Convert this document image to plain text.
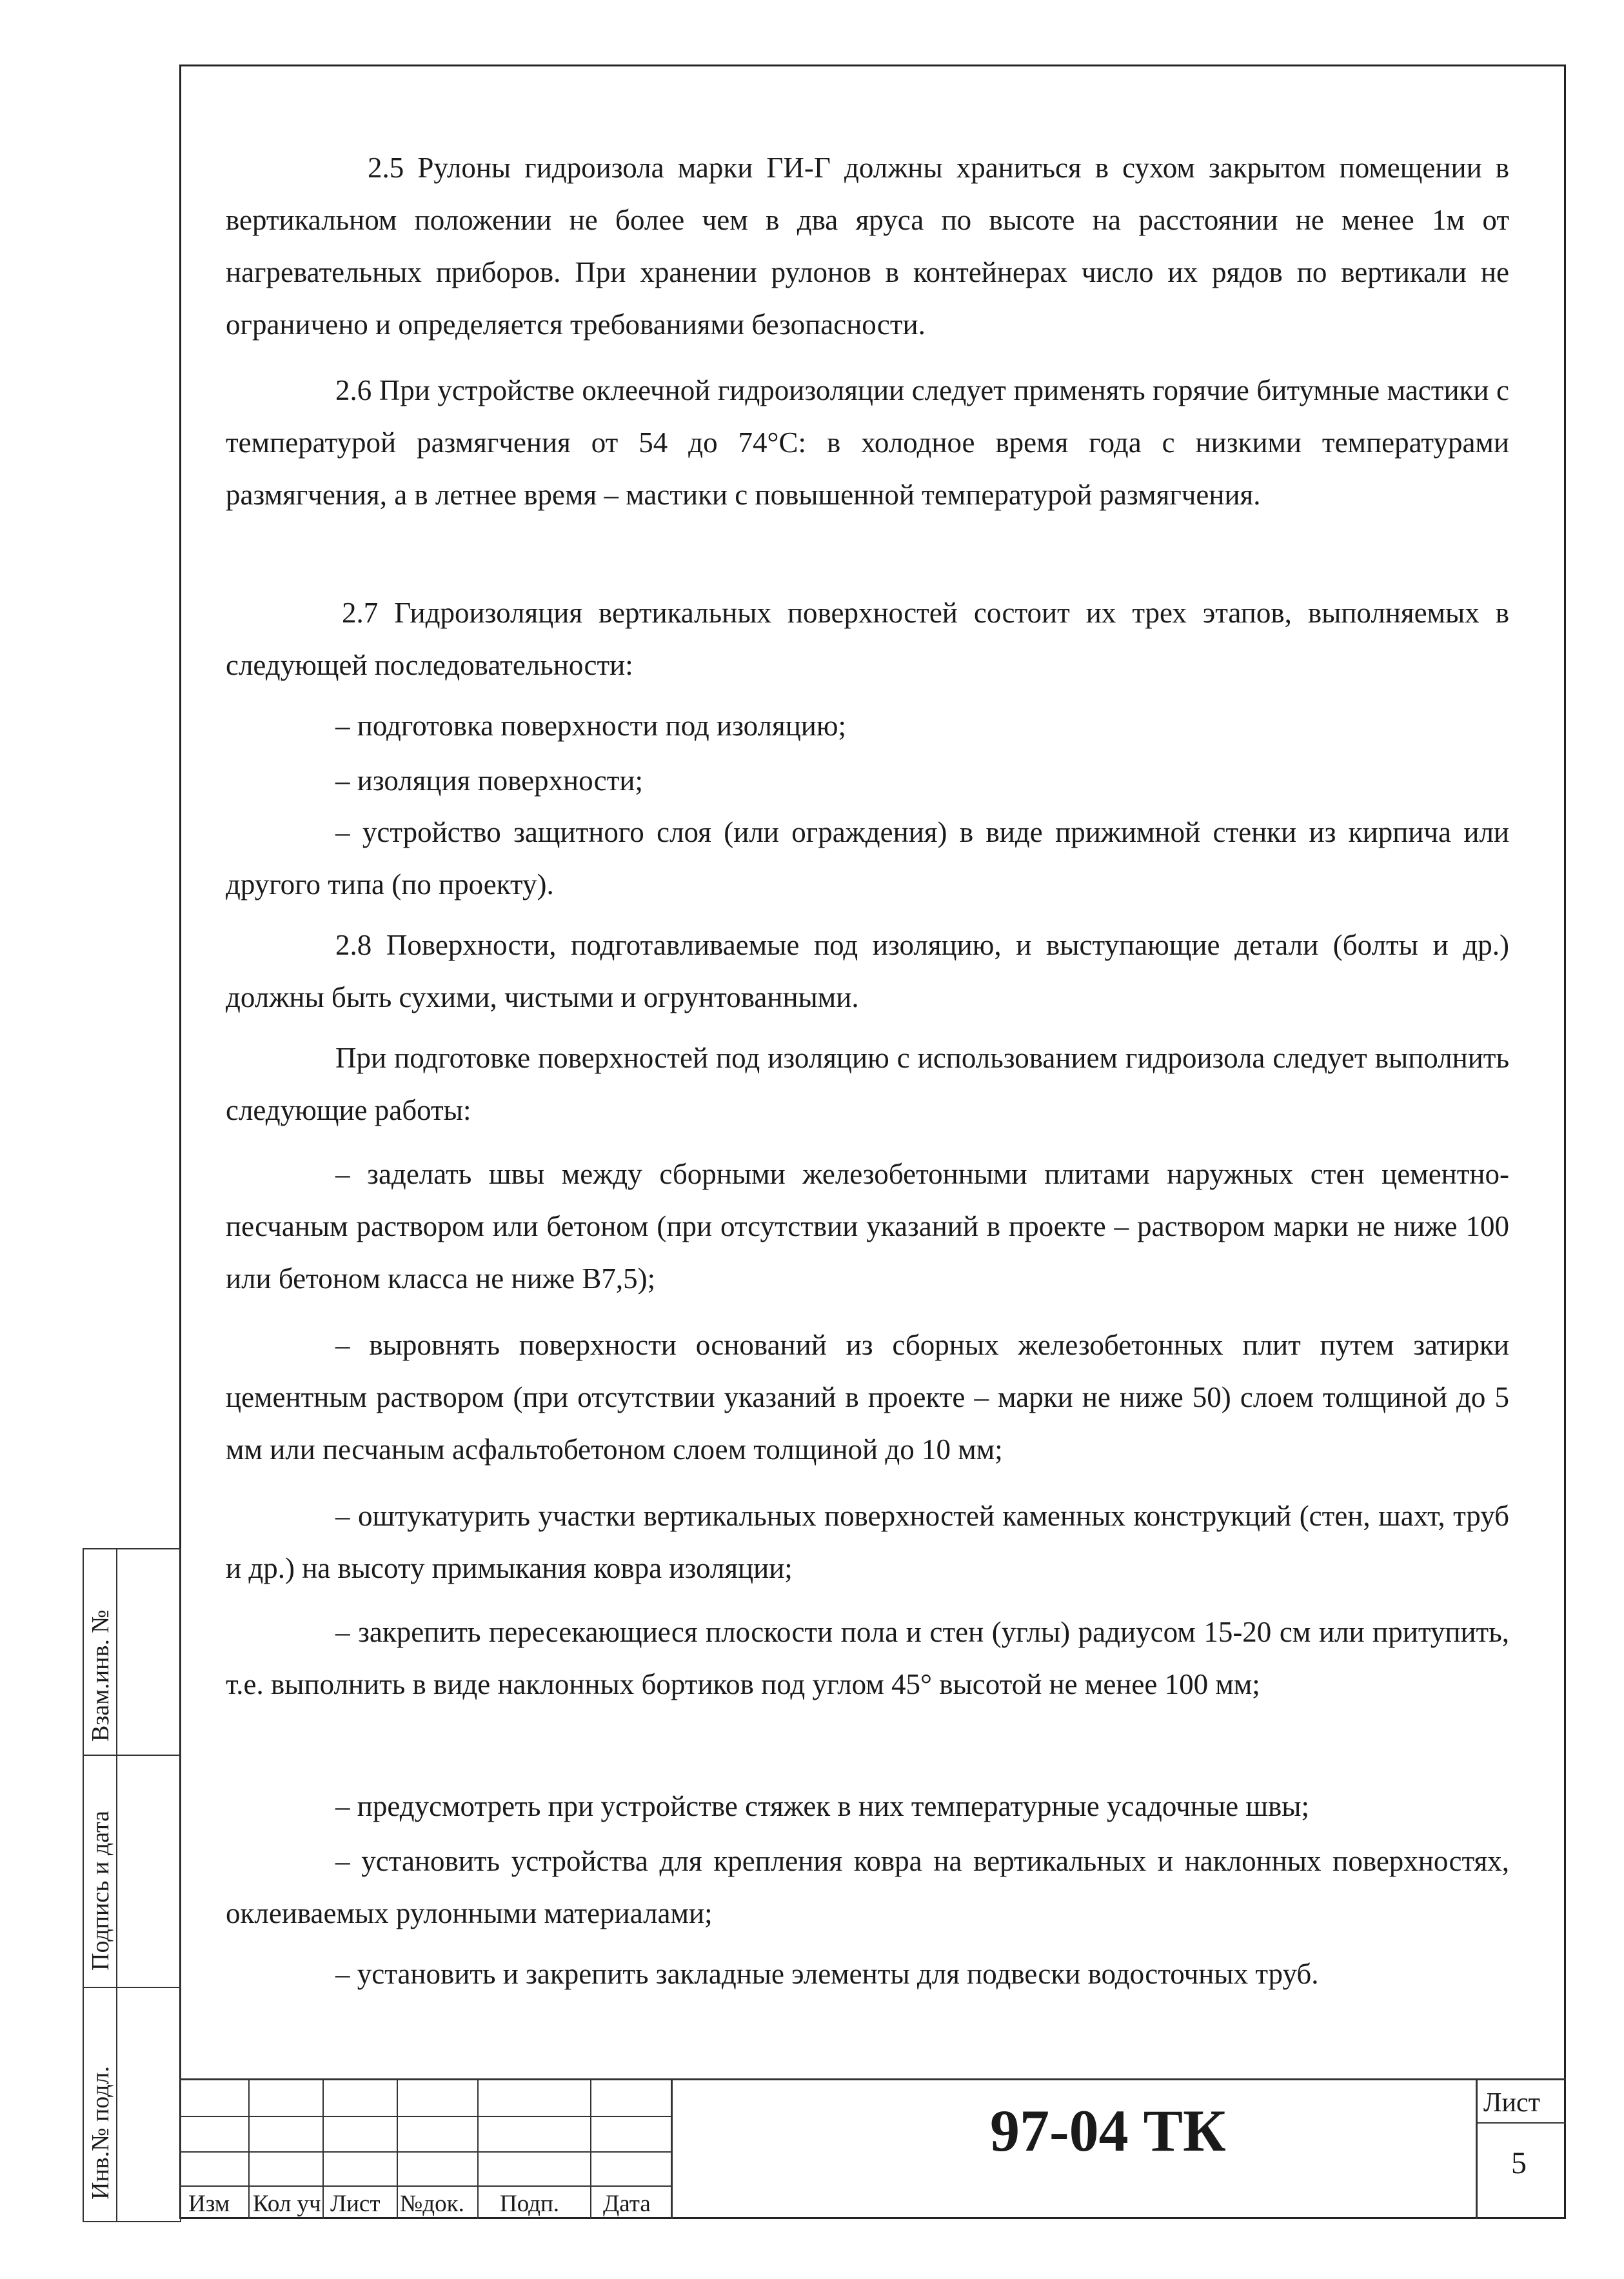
2.5 Рулоны гидроизола марки ГИ-Г должны храниться в сухом закрытом помещении в вертикальном положении не более чем в два яруса по высоте на расстоянии не менее 1м от нагревательных приборов. При хранении рулонов в контейнерах число их рядов по вертикали не ограничено и определяется требованиями безопасности.
2.6 При устройстве оклеечной гидроизоляции следует применять горячие битумные мастики с температурой размягчения от 54 до 74°С: в холодное время года с низкими температурами размягчения, а в летнее время – мастики с повышенной температурой размягчения.
2.7 Гидроизоляция вертикальных поверхностей состоит их трех этапов, выполняемых в следующей последовательности:
– подготовка поверхности под изоляцию;
– изоляция поверхности;
– устройство защитного слоя (или ограждения) в виде прижимной стенки из кирпича или другого типа (по проекту).
2.8 Поверхности, подготавливаемые под изоляцию, и выступающие детали (болты и др.) должны быть сухими, чистыми и огрунтованными.
При подготовке поверхностей под изоляцию с использованием гидроизола следует выполнить следующие работы:
– заделать швы между сборными железобетонными плитами наружных стен цементно-песчаным раствором или бетоном (при отсутствии указаний в проекте – раствором марки не ниже 100 или бетоном класса не ниже В7,5);
– выровнять поверхности оснований из сборных железобетонных плит путем затирки цементным раствором (при отсутствии указаний в проекте – марки не ниже 50) слоем толщиной до 5 мм или песчаным асфальтобетоном слоем толщиной до 10 мм;
– оштукатурить участки вертикальных поверхностей каменных конструкций (стен, шахт, труб и др.) на высоту примыкания ковра изоляции;
– закрепить пересекающиеся плоскости пола и стен (углы) радиусом 15-20 см или притупить, т.е. выполнить в виде наклонных бортиков под углом 45° высотой не менее 100 мм;
– предусмотреть при устройстве стяжек в них температурные усадочные швы;
– установить устройства для крепления ковра на вертикальных и наклонных поверхностях, оклеиваемых рулонными материалами;
– установить и закрепить закладные элементы для подвески водосточных труб.
Взам.инв. №
Подпись и дата
Инв.№ подл.
Изм Кол уч Лист №док. Подп. Дата
97-04 ТК	Лист
5
